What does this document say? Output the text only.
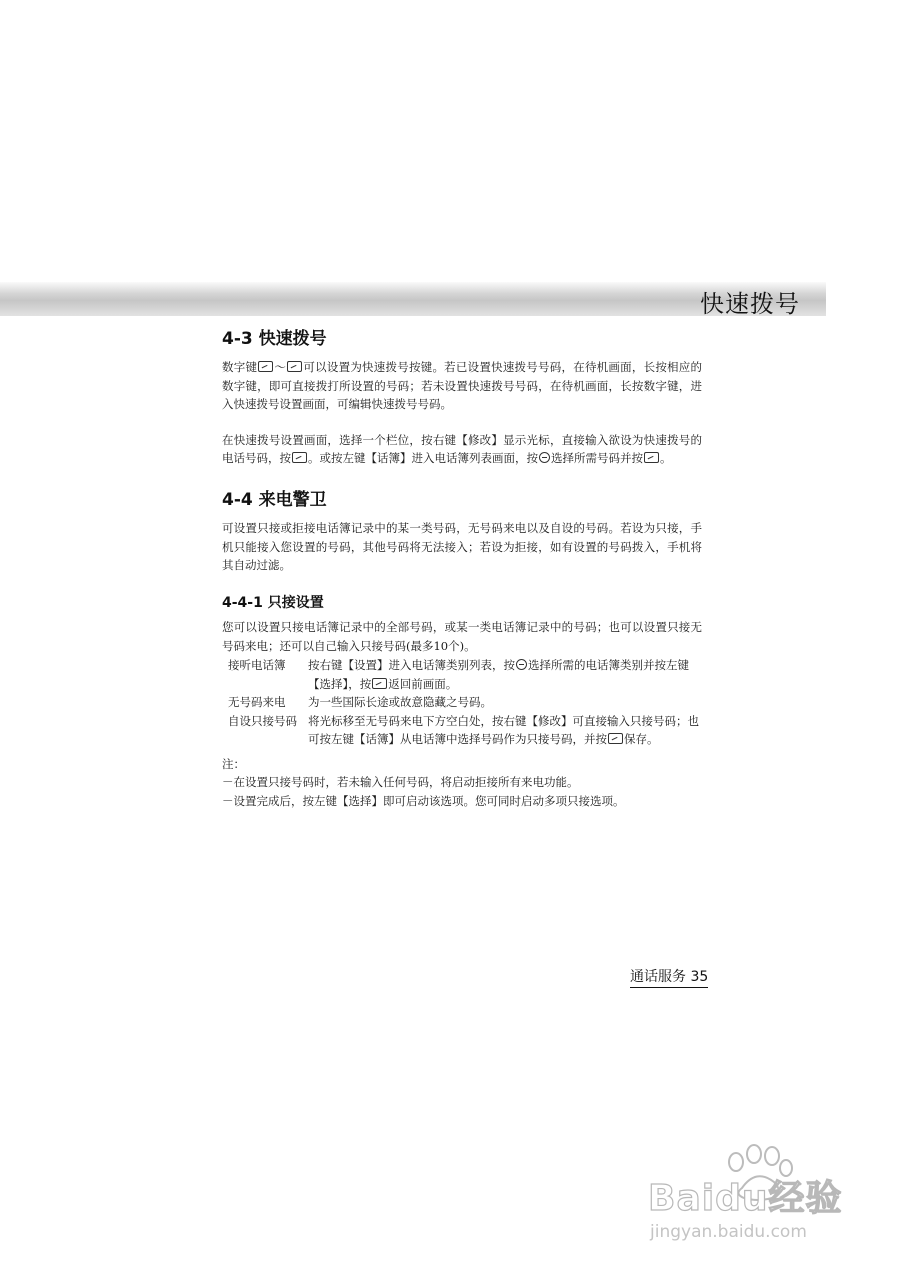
快速拨号
4-3 快速拨号

数字键 ～ 可以设置为快速拨号按键。若已设置快速拨号号码，在待机画面，长按相应的数字键，即可直接拨打所设置的号码；若未设置快速拨号号码，在待机画面，长按数字键，进入快速拨号设置画面，可编辑快速拨号号码。

在快速拨号设置画面，选择一个栏位，按右键【修改】显示光标，直接输入欲设为快速拨号的电话号码，按 。或按左键【话簿】进入电话簿列表画面，按 选择所需号码并按 。

4-4 来电警卫

可设置只接或拒接电话簿记录中的某一类号码，无号码来电以及自设的号码。若设为只接，手机只能接入您设置的号码，其他号码将无法接入；若设为拒接，如有设置的号码拨入，手机将其自动过滤。

4-4-1 只接设置

您可以设置只接电话簿记录中的全部号码，或某一类电话簿记录中的号码；也可以设置只接无号码来电；还可以自己输入只接号码(最多10个)。

接听电话簿	按右键【设置】进入电话簿类别列表，按 选择所需的电话簿类别并按左键【选择】，按 返回前画面。
无号码来电	为一些国际长途或故意隐藏之号码。
自设只接号码 将光标移至无号码来电下方空白处，按右键【修改】可直接输入只接号码；也可按左键【话簿】从电话簿中选择号码作为只接号码，并按 保存。
注：
－在设置只接号码时，若未输入任何号码，将启动拒接所有来电功能。
－设置完成后，按左键【选择】即可启动该选项。您可同时启动多项只接选项。
通话服务 35
Baidu经验
jingyan.baidu.com
